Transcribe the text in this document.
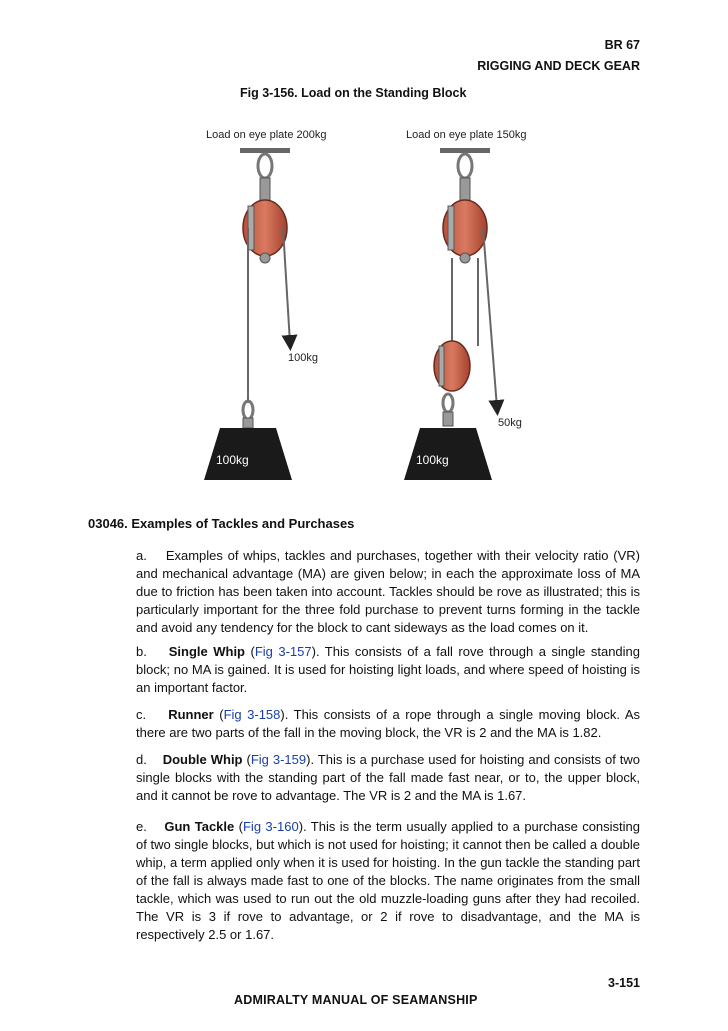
BR 67
RIGGING AND DECK GEAR
Fig 3-156. Load on the Standing Block
Load on eye plate 200kg
100kg
100kg
Load on eye plate 150kg
50kg
100kg
03046. Examples of Tackles and Purchases
a. Examples of whips, tackles and purchases, together with their velocity ratio (VR) and mechanical advantage (MA) are given below; in each the approximate loss of MA due to friction has been taken into account. Tackles should be rove as illustrated; this is particularly important for the three fold purchase to prevent turns forming in the tackle and avoid any tendency for the block to cant sideways as the load comes on it.
b. Single Whip (Fig 3-157). This consists of a fall rove through a single standing block; no MA is gained. It is used for hoisting light loads, and where speed of hoisting is an important factor.
c. Runner (Fig 3-158). This consists of a rope through a single moving block. As there are two parts of the fall in the moving block, the VR is 2 and the MA is 1.82.
d. Double Whip (Fig 3-159). This is a purchase used for hoisting and consists of two single blocks with the standing part of the fall made fast near, or to, the upper block, and it cannot be rove to advantage. The VR is 2 and the MA is 1.67.
e. Gun Tackle (Fig 3-160). This is the term usually applied to a purchase consisting of two single blocks, but which is not used for hoisting; it cannot then be called a double whip, a term applied only when it is used for hoisting. In the gun tackle the standing part of the fall is always made fast to one of the blocks. The name originates from the small tackle, which was used to run out the old muzzle-loading guns after they had recoiled. The VR is 3 if rove to advantage, or 2 if rove to disadvantage, and the MA is respectively 2.5 or 1.67.
3-151
ADMIRALTY MANUAL OF SEAMANSHIP
